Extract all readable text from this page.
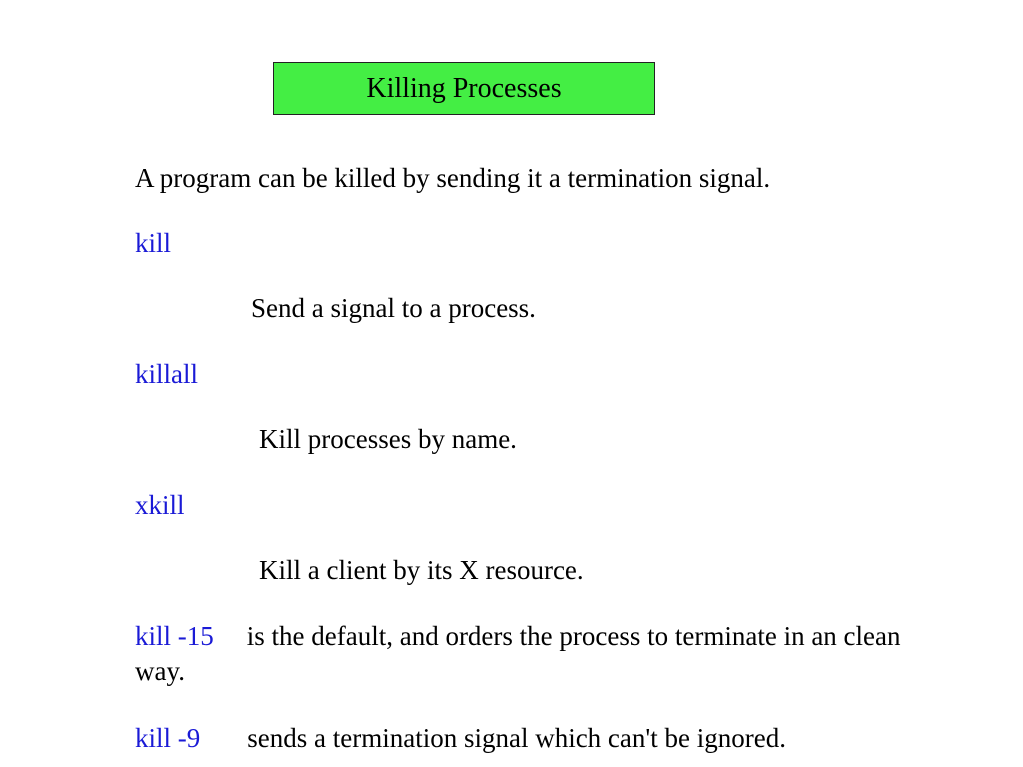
Killing Processes
A program can be killed by sending it a termination signal.
kill
Send a signal to a process.
killall
Kill processes by name.
xkill
Kill a client by its X resource.
kill -15 is the default, and orders the process to terminate in an clean way.
kill -9 sends a termination signal which can't be ignored.
